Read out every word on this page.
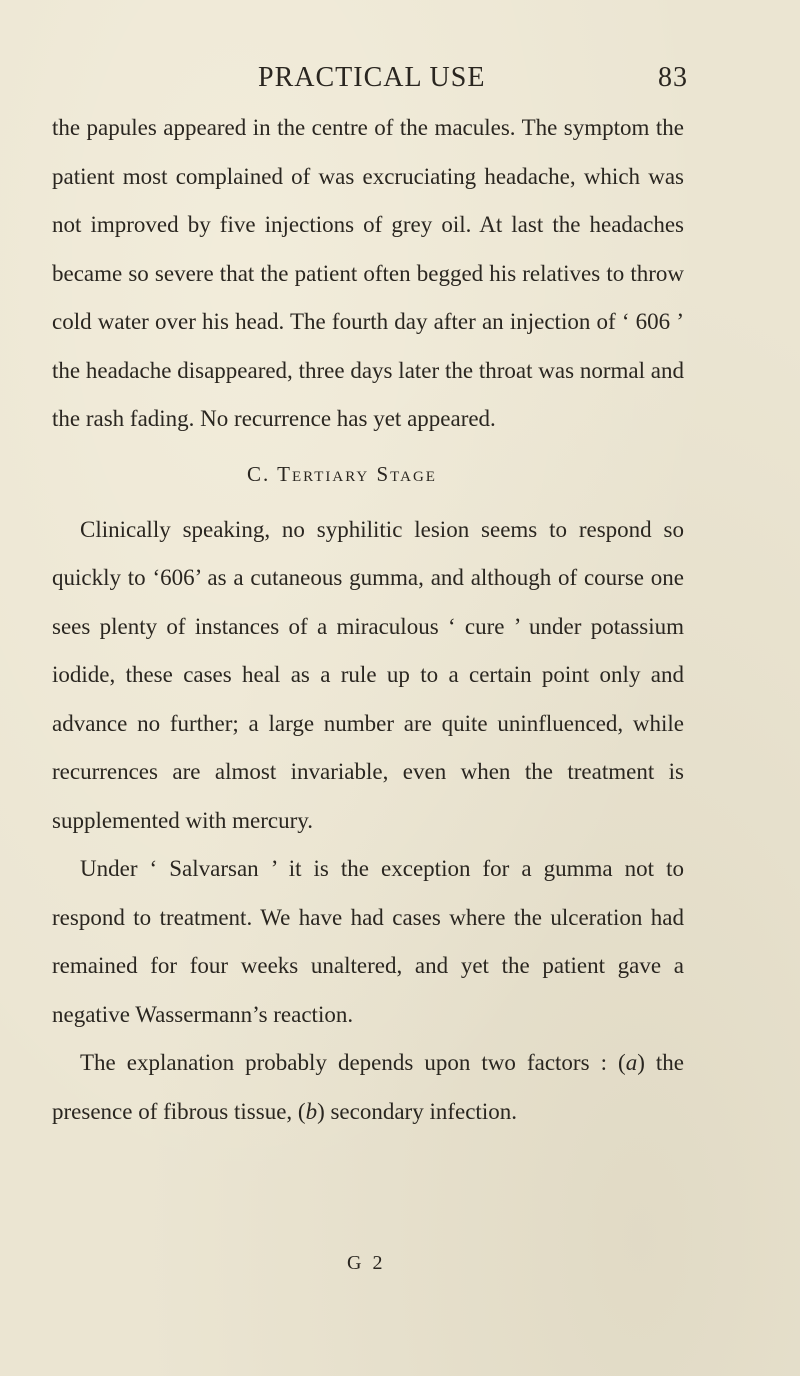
PRACTICAL USE	83

the papules appeared in the centre of the macules. The symptom the patient most complained of was excruciating headache, which was not improved by five injections of grey oil. At last the headaches became so severe that the patient often begged his relatives to throw cold water over his head. The fourth day after an injection of ‘ 606 ’ the headache disappeared, three days later the throat was normal and the rash fading. No recurrence has yet appeared.

C. Tertiary Stage

Clinically speaking, no syphilitic lesion seems to respond so quickly to ‘606’ as a cutaneous gumma, and although of course one sees plenty of instances of a miraculous ‘ cure ’ under potassium iodide, these cases heal as a rule up to a certain point only and advance no further; a large number are quite uninfluenced, while recurrences are almost invariable, even when the treatment is supplemented with mercury.

Under ‘ Salvarsan ’ it is the exception for a gumma not to respond to treatment. We have had cases where the ulceration had remained for four weeks unaltered, and yet the patient gave a negative Wassermann’s reaction.

The explanation probably depends upon two factors : (a) the presence of fibrous tissue, (b) secondary infection.

G 2
